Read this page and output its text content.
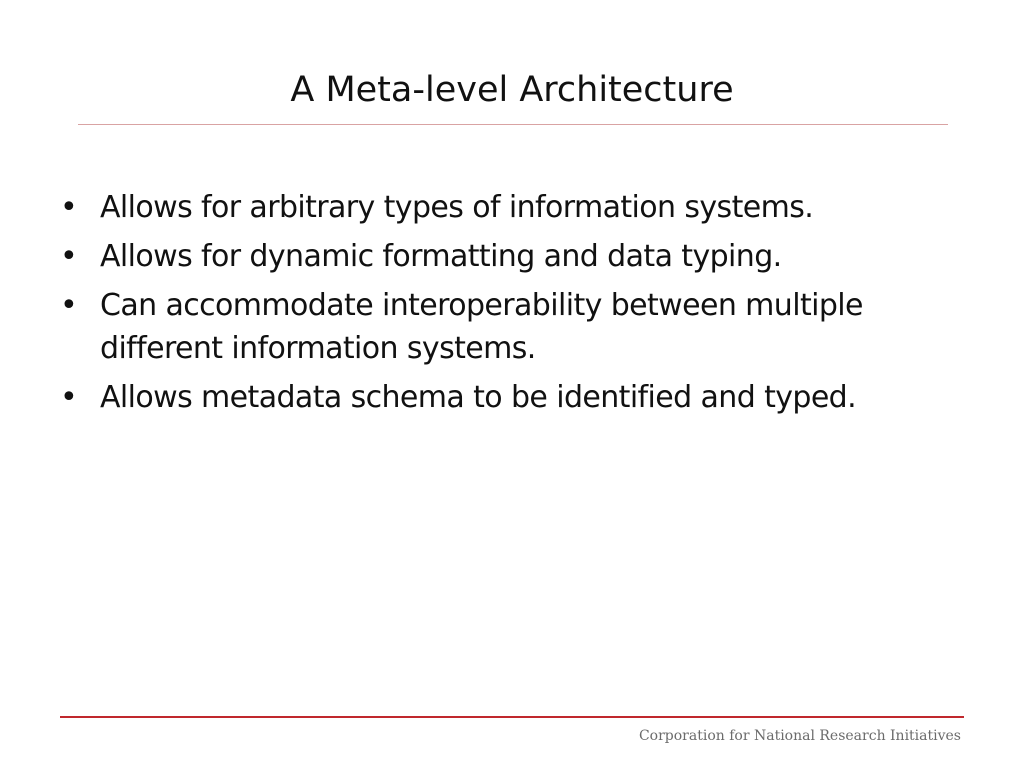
A Meta-level Architecture
• Allows for arbitrary types of information systems.
• Allows for dynamic formatting and data typing.
• Can accommodate interoperability between multiple different information systems.
• Allows metadata schema to be identified and typed.
Corporation for National Research Initiatives
